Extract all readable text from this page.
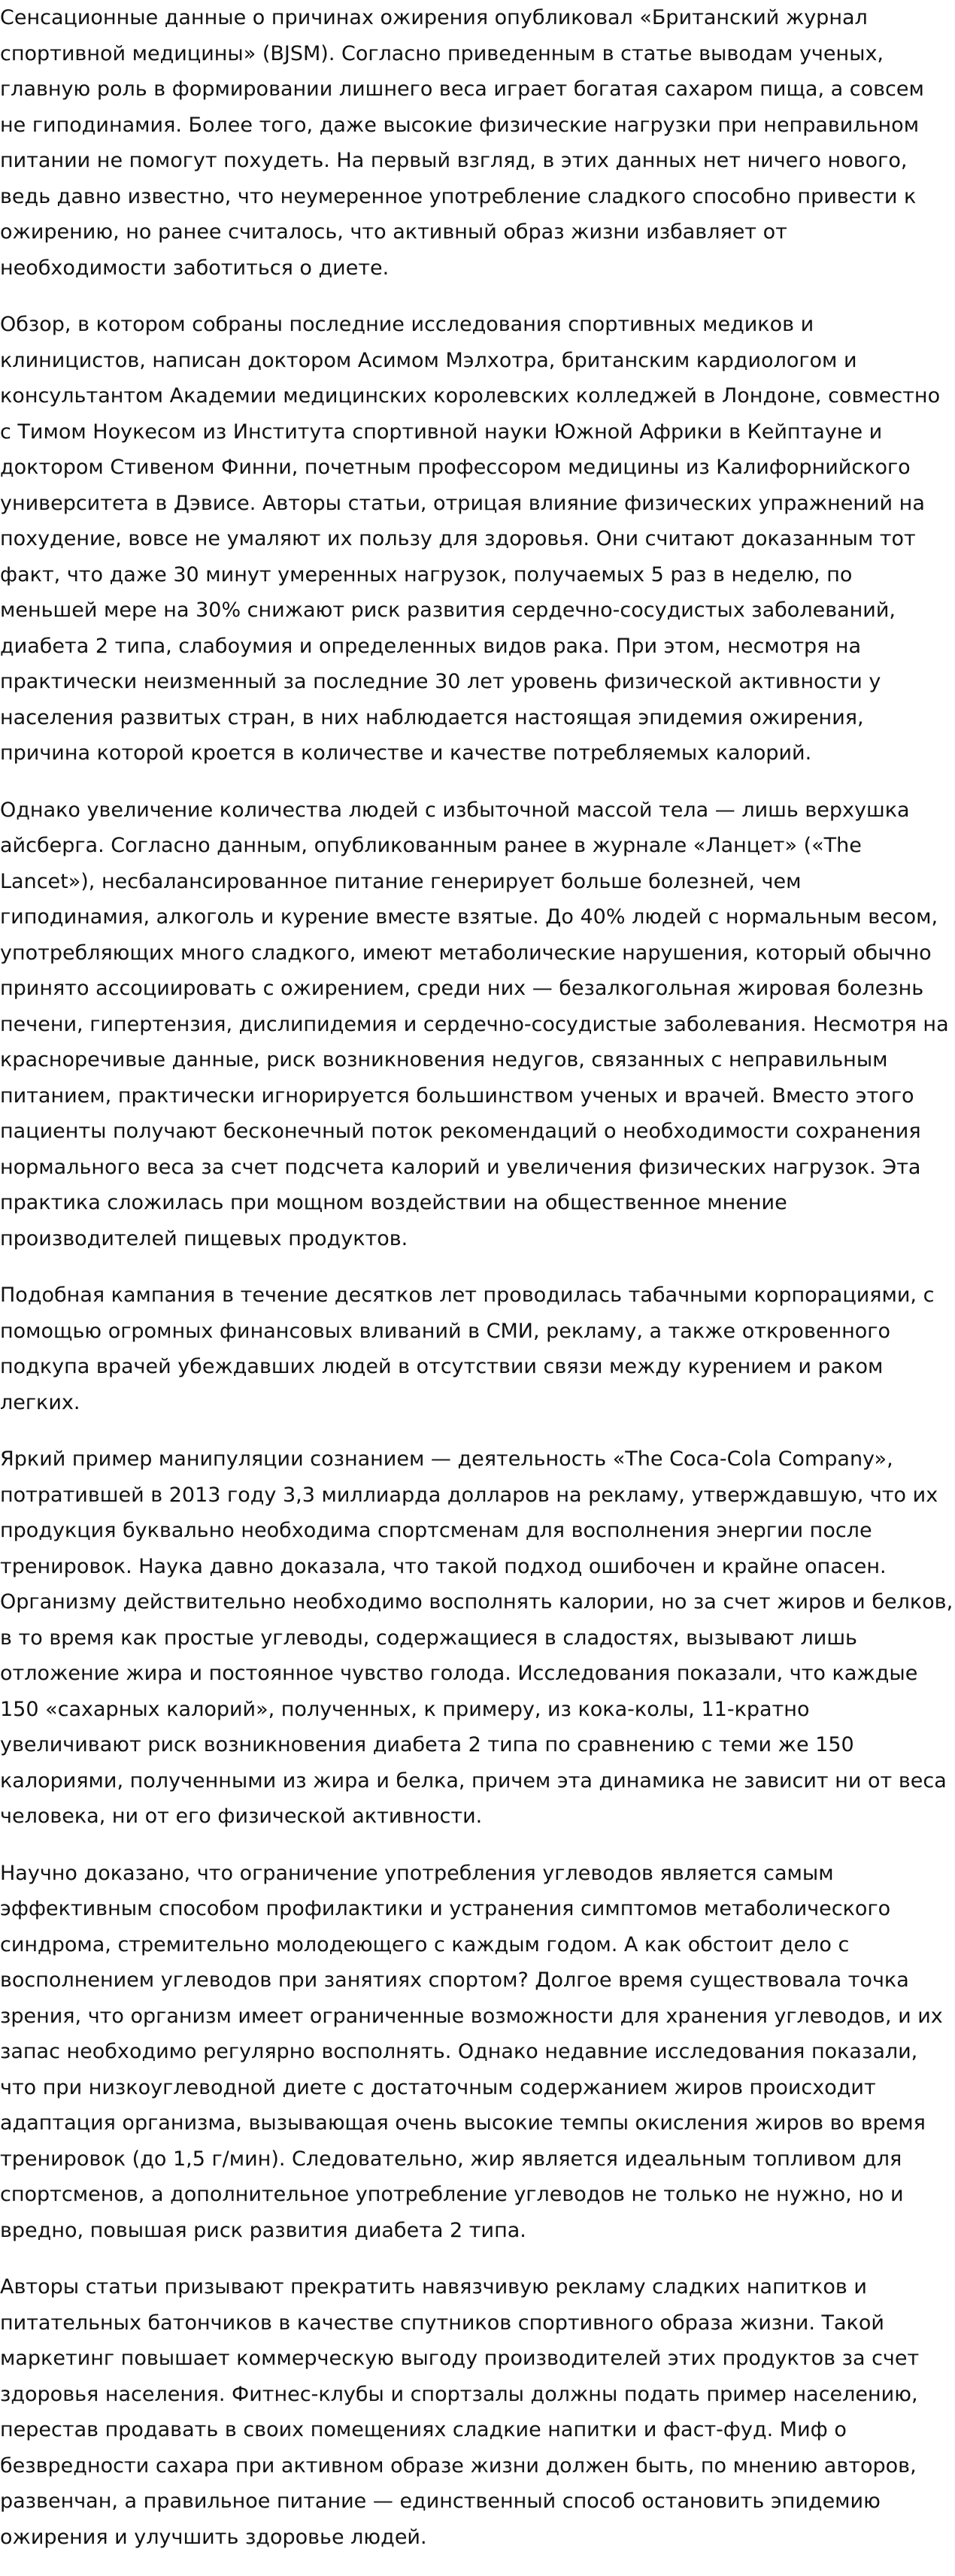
Сенсационные данные о причинах ожирения опубликовал «Британский журнал спортивной медицины» (BJSM). Согласно приведенным в статье выводам ученых, главную роль в формировании лишнего веса играет богатая сахаром пища, а совсем не гиподинамия. Более того, даже высокие физические нагрузки при неправильном питании не помогут похудеть. На первый взгляд, в этих данных нет ничего нового, ведь давно известно, что неумеренное употребление сладкого способно привести к ожирению, но ранее считалось, что активный образ жизни избавляет от необходимости заботиться о диете.

Обзор, в котором собраны последние исследования спортивных медиков и клиницистов, написан доктором Асимом Мэлхотра, британским кардиологом и консультантом Академии медицинских королевских колледжей в Лондоне, совместно с Тимом Ноукесом из Института спортивной науки Южной Африки в Кейптауне и доктором Стивеном Финни, почетным профессором медицины из Калифорнийского университета в Дэвисе. Авторы статьи, отрицая влияние физических упражнений на похудение, вовсе не умаляют их пользу для здоровья. Они считают доказанным тот факт, что даже 30 минут умеренных нагрузок, получаемых 5 раз в неделю, по меньшей мере на 30% снижают риск развития сердечно-сосудистых заболеваний, диабета 2 типа, слабоумия и определенных видов рака. При этом, несмотря на практически неизменный за последние 30 лет уровень физической активности у населения развитых стран, в них наблюдается настоящая эпидемия ожирения, причина которой кроется в количестве и качестве потребляемых калорий.

Однако увеличение количества людей с избыточной массой тела — лишь верхушка айсберга. Согласно данным, опубликованным ранее в журнале «Ланцет» («The Lancet»), несбалансированное питание генерирует больше болезней, чем гиподинамия, алкоголь и курение вместе взятые. До 40% людей с нормальным весом, употребляющих много сладкого, имеют метаболические нарушения, который обычно принято ассоциировать с ожирением, среди них — безалкогольная жировая болезнь печени, гипертензия, дислипидемия и сердечно-сосудистые заболевания. Несмотря на красноречивые данные, риск возникновения недугов, связанных с неправильным питанием, практически игнорируется большинством ученых и врачей. Вместо этого пациенты получают бесконечный поток рекомендаций о необходимости сохранения нормального веса за счет подсчета калорий и увеличения физических нагрузок. Эта практика сложилась при мощном воздействии на общественное мнение производителей пищевых продуктов.

Подобная кампания в течение десятков лет проводилась табачными корпорациями, с помощью огромных финансовых вливаний в СМИ, рекламу, а также откровенного подкупа врачей убеждавших людей в отсутствии связи между курением и раком легких.

Яркий пример манипуляции сознанием — деятельность «The Coca-Cola Company», потратившей в 2013 году 3,3 миллиарда долларов на рекламу, утверждавшую, что их продукция буквально необходима спортсменам для восполнения энергии после тренировок. Наука давно доказала, что такой подход ошибочен и крайне опасен. Организму действительно необходимо восполнять калории, но за счет жиров и белков, в то время как простые углеводы, содержащиеся в сладостях, вызывают лишь отложение жира и постоянное чувство голода. Исследования показали, что каждые 150 «сахарных калорий», полученных, к примеру, из кока-колы, 11-кратно увеличивают риск возникновения диабета 2 типа по сравнению с теми же 150 калориями, полученными из жира и белка, причем эта динамика не зависит ни от веса человека, ни от его физической активности.

Научно доказано, что ограничение употребления углеводов является самым эффективным способом профилактики и устранения симптомов метаболического синдрома, стремительно молодеющего с каждым годом. А как обстоит дело с восполнением углеводов при занятиях спортом? Долгое время существовала точка зрения, что организм имеет ограниченные возможности для хранения углеводов, и их запас необходимо регулярно восполнять. Однако недавние исследования показали, что при низкоуглеводной диете с достаточным содержанием жиров происходит адаптация организма, вызывающая очень высокие темпы окисления жиров во время тренировок (до 1,5 г/мин). Следовательно, жир является идеальным топливом для спортсменов, а дополнительное употребление углеводов не только не нужно, но и вредно, повышая риск развития диабета 2 типа.

Авторы статьи призывают прекратить навязчивую рекламу сладких напитков и питательных батончиков в качестве спутников спортивного образа жизни. Такой маркетинг повышает коммерческую выгоду производителей этих продуктов за счет здоровья населения. Фитнес-клубы и спортзалы должны подать пример населению, перестав продавать в своих помещениях сладкие напитки и фаст-фуд. Миф о безвредности сахара при активном образе жизни должен быть, по мнению авторов, развенчан, а правильное питание — единственный способ остановить эпидемию ожирения и улучшить здоровье людей.
